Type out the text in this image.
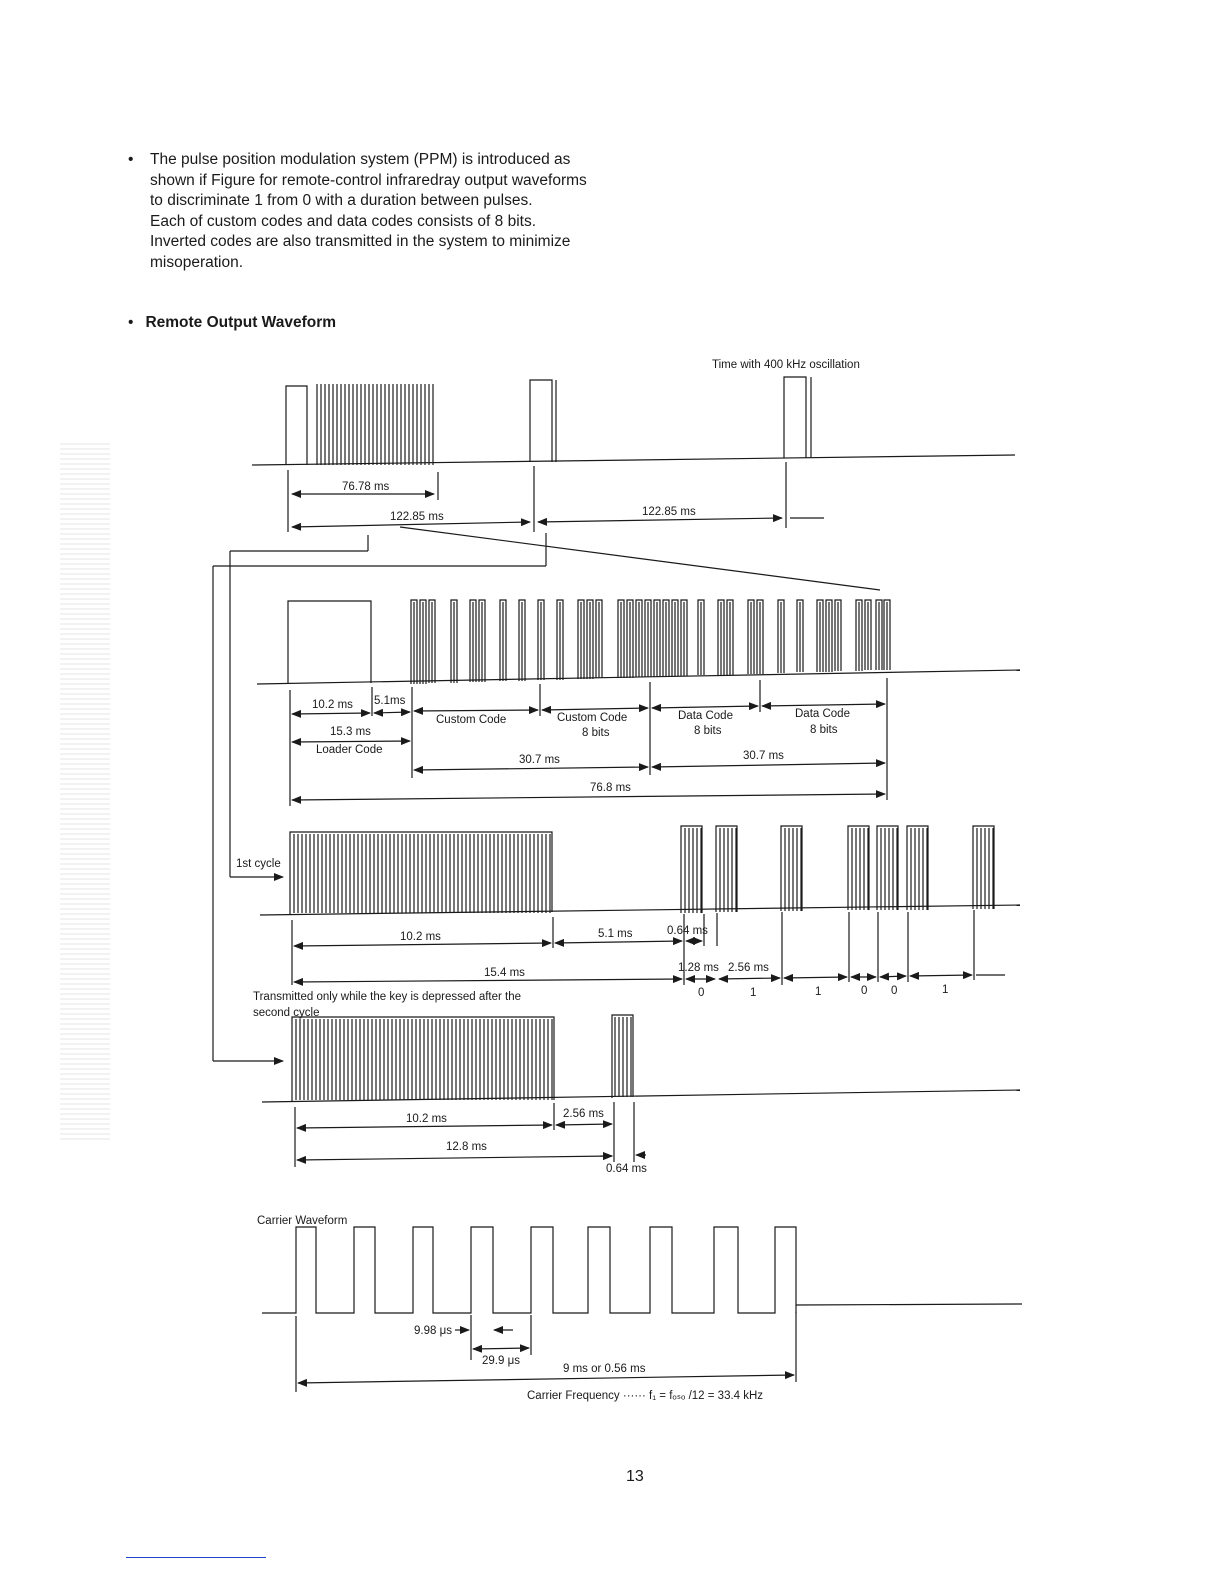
• The pulse position modulation system (PPM) is introduced as shown if Figure for remote-control infraredray output waveforms to discriminate 1 from 0 with a duration between pulses.

Each of custom codes and data codes consists of 8 bits. Inverted codes are also transmitted in the system to minimize misoperation.

• Remote Output Waveform
Time with 400 kHz oscillation
76.78 ms
122.85 ms	122.85 ms
10.2 ms 5.1ms
15.3 ms
Loader Code
Custom Code	Custom Code
8 bits
Data Code
8 bits
Data Code
8 bits
30.7 ms	30.7 ms
76.8 ms
1st cycle
10.2 ms	5.1 ms	0.64 ms
15.4 ms	1.28 ms 2.56 ms
0	1	1	0 0	1
Transmitted only while the key is depressed after the
second cycle
10.2 ms	2.56 ms
12.8 ms
0.64 ms
Carrier Waveform
9.98 μs
29.9 μs
9 ms or 0.56 ms
Carrier Frequency ······ f₁ = fₒₛₒ /12 = 33.4 kHz
13
